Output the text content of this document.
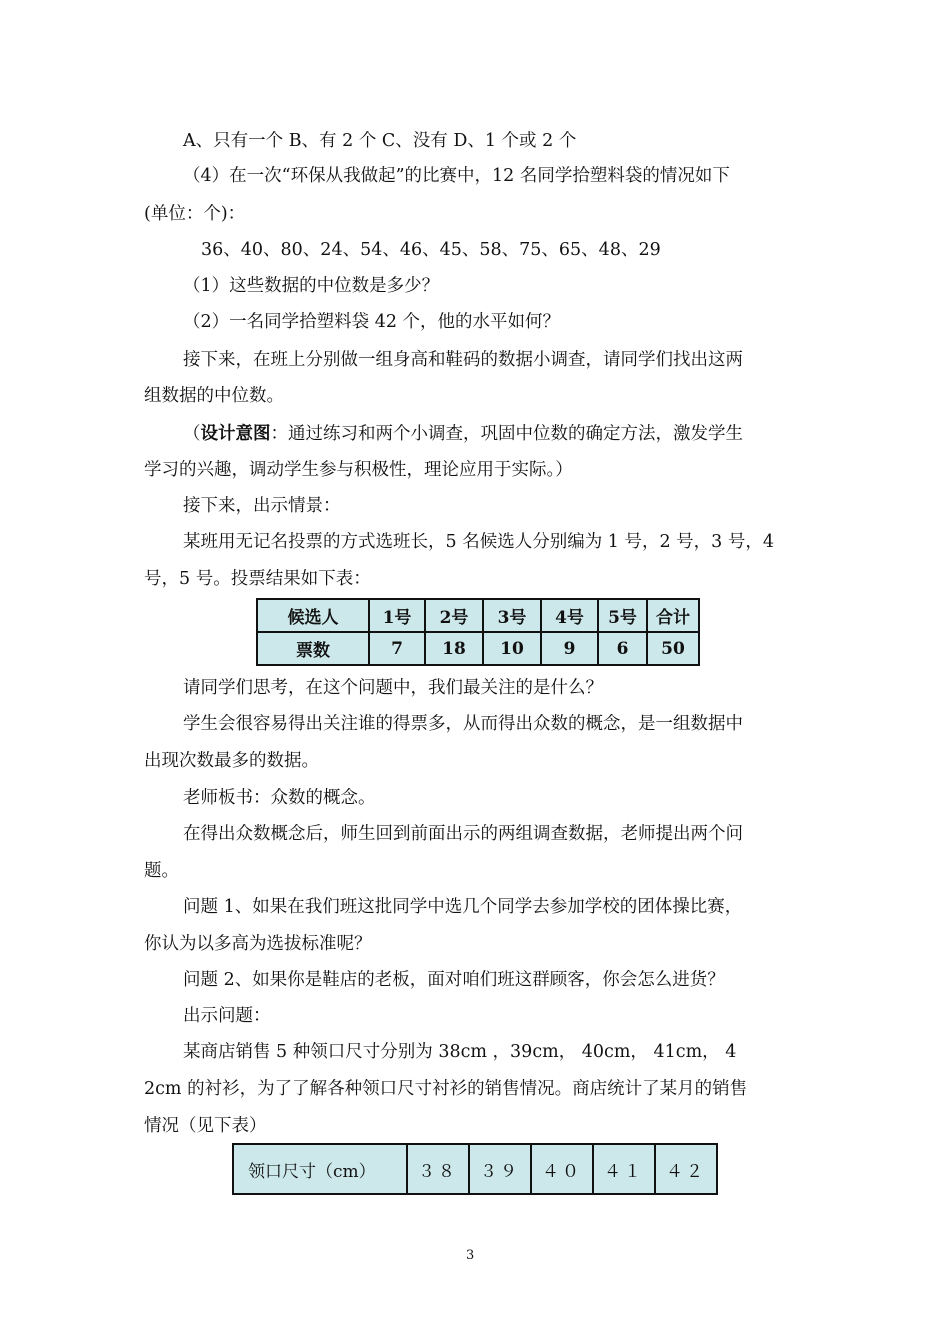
A、只有一个 B、有 2 个 C、没有 D、1 个或 2 个
（4）在一次“环保从我做起”的比赛中，12 名同学拾塑料袋的情况如下
(单位：个)：
36、40、80、24、54、46、45、58、75、65、48、29
（1）这些数据的中位数是多少？
（2）一名同学拾塑料袋 42 个，他的水平如何？
接下来，在班上分别做一组身高和鞋码的数据小调查，请同学们找出这两
组数据的中位数。
（设计意图：通过练习和两个小调查，巩固中位数的确定方法，激发学生
学习的兴趣，调动学生参与积极性，理论应用于实际。）
接下来，出示情景：
某班用无记名投票的方式选班长，5 名候选人分别编为 1 号，2 号，3 号，4
号，5 号。投票结果如下表：
候选人	1号	2号	3号	4号	5号	合计
票数	7	18	10	9	6	50
请同学们思考，在这个问题中，我们最关注的是什么？
学生会很容易得出关注谁的得票多，从而得出众数的概念，是一组数据中
出现次数最多的数据。
老师板书：众数的概念。
在得出众数概念后，师生回到前面出示的两组调查数据，老师提出两个问
题。
问题 1、如果在我们班这批同学中选几个同学去参加学校的团体操比赛，
你认为以多高为选拔标准呢？
问题 2、如果你是鞋店的老板，面对咱们班这群顾客，你会怎么进货？
出示问题：
某商店销售 5 种领口尺寸分别为 38cm ，39cm， 40cm， 41cm， 4
2cm 的衬衫，为了了解各种领口尺寸衬衫的销售情况。商店统计了某月的销售
情况（见下表）
领口尺寸（cm）	３８	３９	４０	４１	４２
3
